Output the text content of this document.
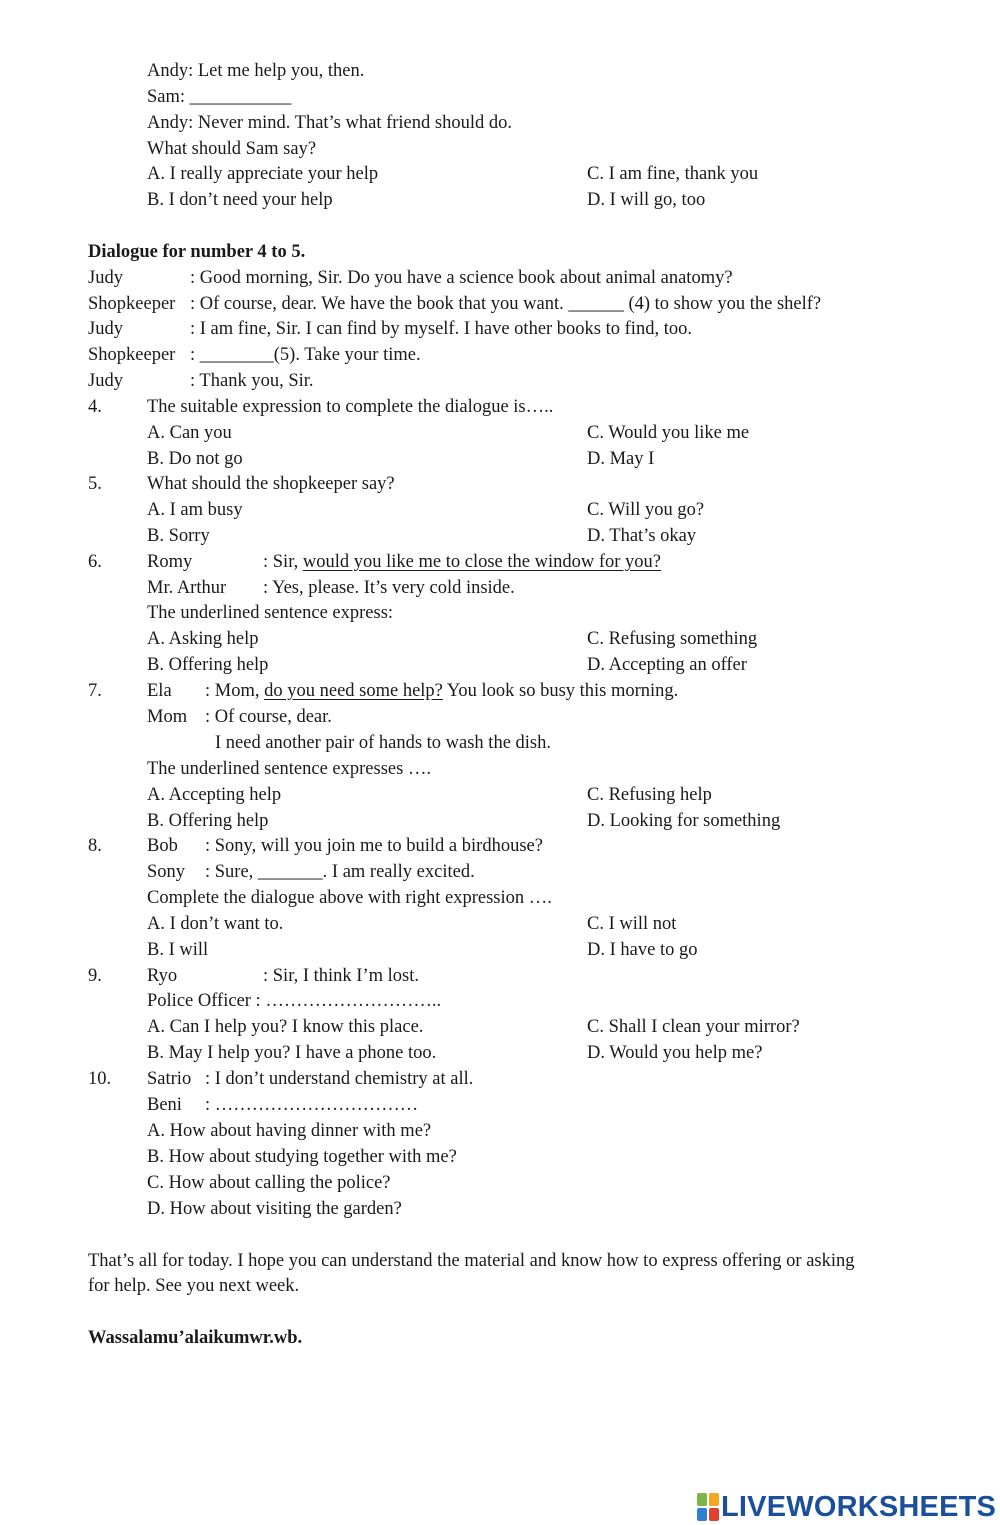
Andy: Let me help you, then.
Sam: ___________
Andy: Never mind. That’s what friend should do.
What should Sam say?
A. I really appreciate your help	C. I am fine, thank you
B. I don’t need your help	D. I will go, too
Dialogue for number 4 to 5.
Judy	: Good morning, Sir. Do you have a science book about animal anatomy?
Shopkeeper : Of course, dear. We have the book that you want. ______ (4) to show you the shelf?
Judy	: I am fine, Sir. I can find by myself. I have other books to find, too.
Shopkeeper : ________(5). Take your time.
Judy	: Thank you, Sir.
4. The suitable expression to complete the dialogue is…..
A. Can you	C. Would you like me
B. Do not go	D. May I
5. What should the shopkeeper say?
A. I am busy	C. Will you go?
B. Sorry	D. That’s okay
6. Romy	: Sir, would you like me to close the window for you?
Mr. Arthur : Yes, please. It’s very cold inside.
The underlined sentence express:
A. Asking help	C. Refusing something
B. Offering help	D. Accepting an offer
7. Ela : Mom, do you need some help? You look so busy this morning.
Mom : Of course, dear.
I need another pair of hands to wash the dish.
The underlined sentence expresses ….
A. Accepting help	C. Refusing help
B. Offering help	D. Looking for something
8. Bob : Sony, will you join me to build a birdhouse?
Sony : Sure, _______. I am really excited.
Complete the dialogue above with right expression ….
A. I don’t want to.	C. I will not
B. I will	D. I have to go
9. Ryo	: Sir, I think I’m lost.
Police Officer : ………………………..
A. Can I help you? I know this place.	C. Shall I clean your mirror?
B. May I help you? I have a phone too.	D. Would you help me?
10. Satrio : I don’t understand chemistry at all.
Beni : ……………………………
A. How about having dinner with me?
B. How about studying together with me?
C. How about calling the police?
D. How about visiting the garden?
That’s all for today. I hope you can understand the material and know how to express offering or asking
for help. See you next week.
Wassalamu’alaikumwr.wb.
LIVEWORKSHEETS
